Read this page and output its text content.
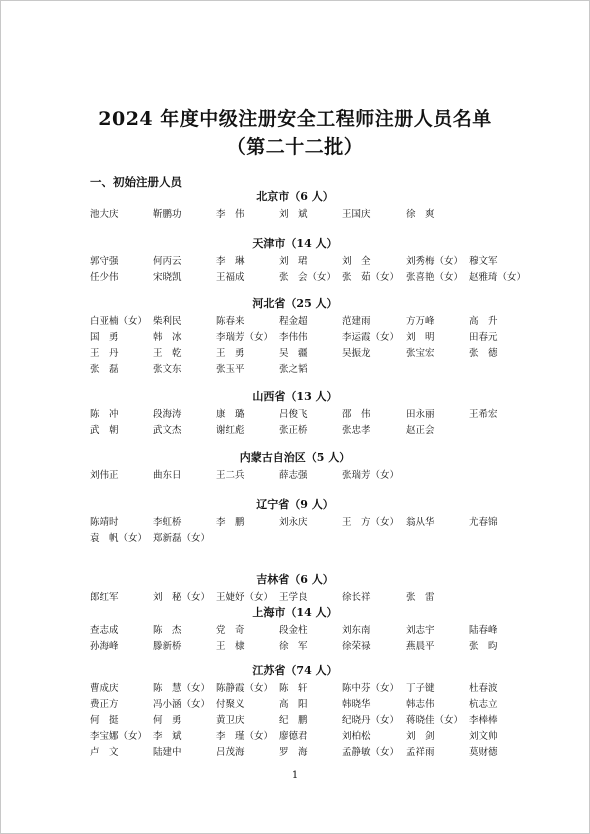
2024 年度中级注册安全工程师注册人员名单
（第二十二批）
一、初始注册人员
北京市（6 人）
池大庆	靳鹏功	李　伟	刘　斌	王国庆	徐　爽
天津市（14 人）
郭守强	何丙云	李　琳	刘　珺	刘　全	刘秀梅（女） 穆文军
任少伟	宋晓凯	王福成	张　会（女） 张　茹（女） 张喜艳（女） 赵雅琦（女）
河北省（25 人）
白亚楠（女） 柴利民	陈春来	程金超	范建雨	方万峰	高　升
国　勇	韩　冰	李瑞芳（女） 李伟伟	李运霞（女） 刘　明	田春元
王　丹	王　乾	王　勇	吴　疆	吴振龙	张宝宏	张　德
张　磊	张文东	张玉平	张之韬
山西省（13 人）
陈　冲	段海涛	康　璐	吕俊飞	邵　伟	田永丽	王希宏
武　朝	武文杰	谢红彪	张正桥	张忠孝	赵正会
内蒙古自治区（5 人）
刘伟正	曲东日	王二兵	薛志强	张瑞芳（女）
辽宁省（9 人）
陈靖时	李虹桥	李　鹏	刘永庆	王　方（女） 翁从华	尤春锦
袁　帆（女） 郑新磊（女）
吉林省（6 人）
郎红军	刘　秘（女） 王婕妤（女） 王学良	徐长祥	张　雷
上海市（14 人）
查志成	陈　杰	党　奇	段金柱	刘东南	刘志宇	陆春峰
孙海峰	滕新桥	王　棣	徐　军	徐荣禄	燕晨平	张　昀
江苏省（74 人）
曹成庆	陈　慧（女） 陈静霞（女） 陈　轩	陈中芬（女） 丁子键	杜春波
费正方	冯小涵（女） 付聚义	高　阳	韩晓华	韩志伟	杭志立
何　挺	何　勇	黄卫庆	纪　鹏	纪晓丹（女） 蒋晓佳（女） 李棒棒
李宝娜（女） 李　斌	李　瑾（女） 廖德君	刘柏松	刘　剑	刘文帅
卢　文	陆建中	吕茂海	罗　海	孟静敏（女） 孟祥雨	莫财德
1
